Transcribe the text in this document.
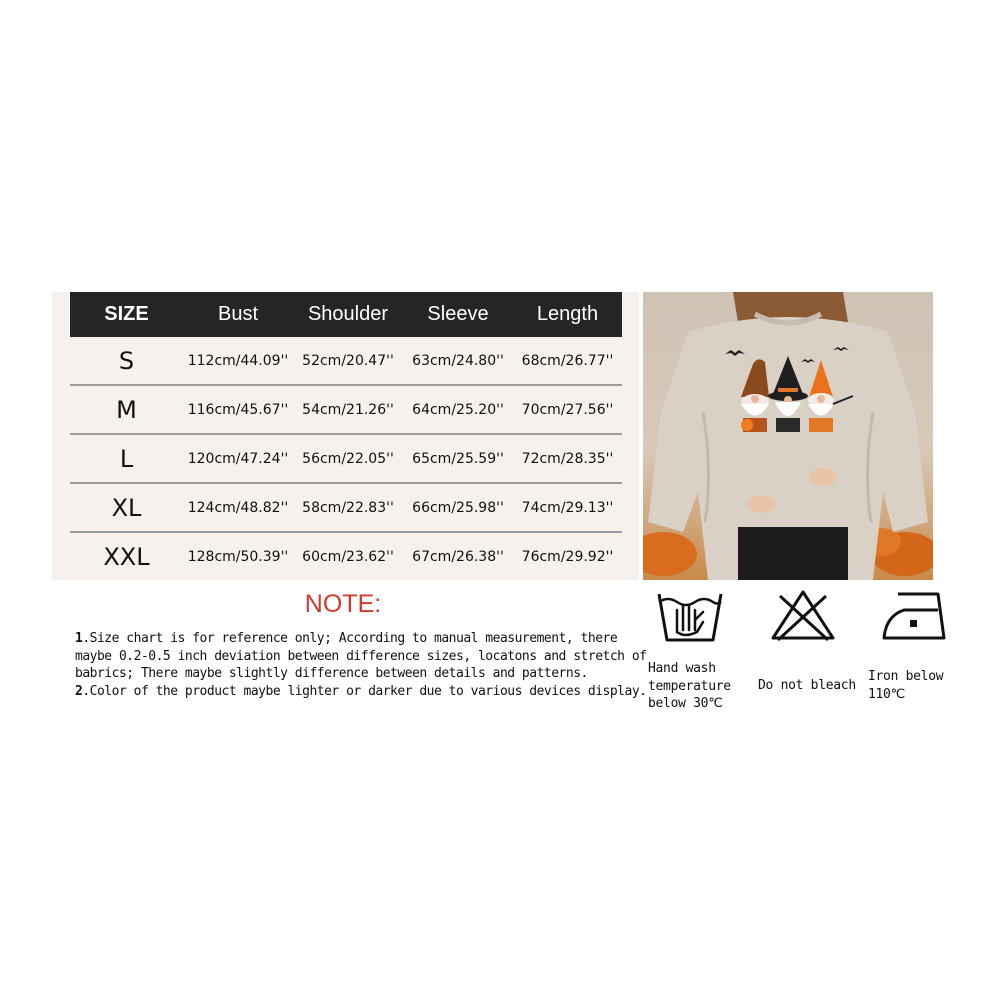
SIZE	Bust	Shoulder	Sleeve	Length
S	112cm/44.09''	52cm/20.47''	63cm/24.80''	68cm/26.77''
M	116cm/45.67''	54cm/21.26''	64cm/25.20''	70cm/27.56''
L	120cm/47.24''	56cm/22.05''	65cm/25.59''	72cm/28.35''
XL	124cm/48.82''	58cm/22.83''	66cm/25.98''	74cm/29.13''
XXL	128cm/50.39''	60cm/23.62''	67cm/26.38''	76cm/29.92''
NOTE:
1.Size chart is for reference only; According to manual measurement, there
maybe 0.2-0.5 inch deviation between difference sizes, locatons and stretch of
babrics; There maybe slightly difference between details and patterns.
2.Color of the product maybe lighter or darker due to various devices display.
Hand wash
temperature
below 30℃
Do not bleach
Iron below
110℃
